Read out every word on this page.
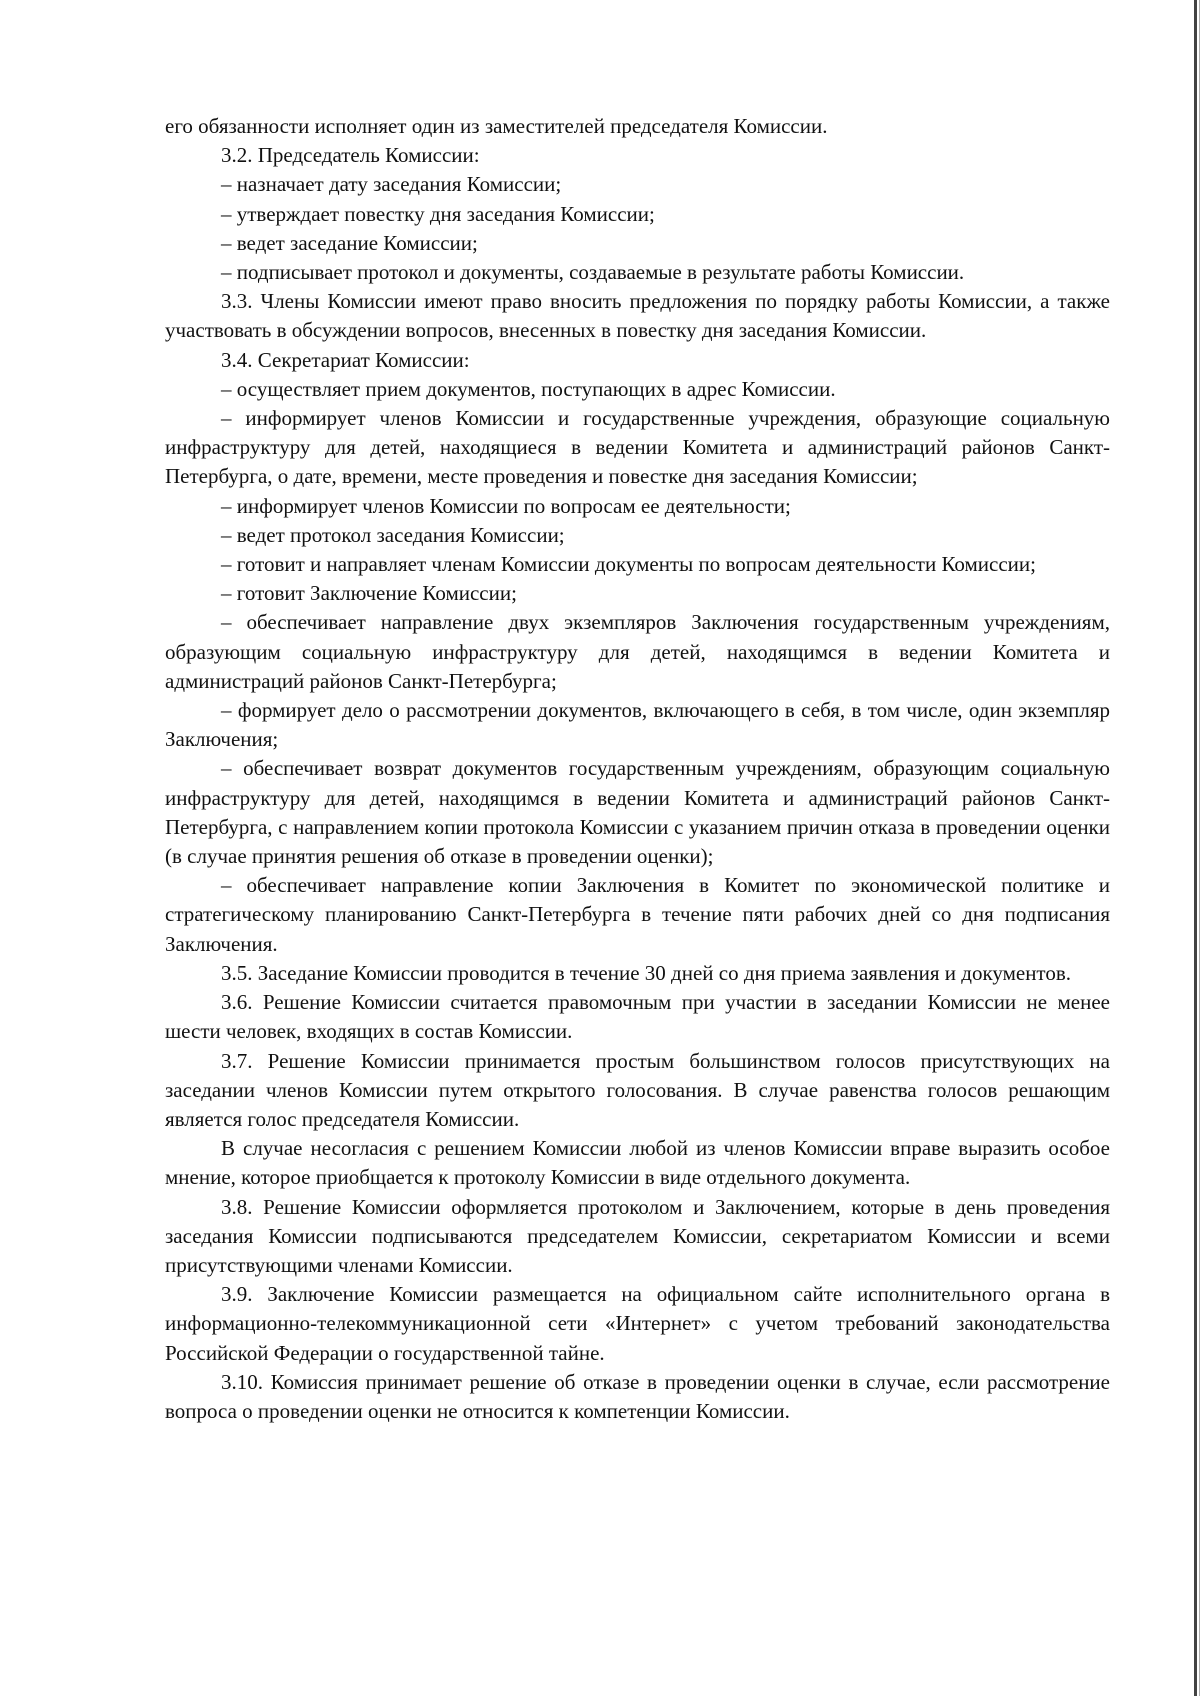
его обязанности исполняет один из заместителей председателя Комиссии.

3.2. Председатель Комиссии:

– назначает дату заседания Комиссии;

– утверждает повестку дня заседания Комиссии;

– ведет заседание Комиссии;

– подписывает протокол и документы, создаваемые в результате работы Комиссии.

3.3. Члены Комиссии имеют право вносить предложения по порядку работы Комиссии, а также участвовать в обсуждении вопросов, внесенных в повестку дня заседания Комиссии.

3.4. Секретариат Комиссии:

– осуществляет прием документов, поступающих в адрес Комиссии.

– информирует членов Комиссии и государственные учреждения, образующие социальную инфраструктуру для детей, находящиеся в ведении Комитета и администраций районов Санкт-Петербурга, о дате, времени, месте проведения и повестке дня заседания Комиссии;

– информирует членов Комиссии по вопросам ее деятельности;

– ведет протокол заседания Комиссии;

– готовит и направляет членам Комиссии документы по вопросам деятельности Комиссии;

– готовит Заключение Комиссии;

– обеспечивает направление двух экземпляров Заключения государственным учреждениям, образующим социальную инфраструктуру для детей, находящимся в ведении Комитета и администраций районов Санкт-Петербурга;

– формирует дело о рассмотрении документов, включающего в себя, в том числе, один экземпляр Заключения;

– обеспечивает возврат документов государственным учреждениям, образующим социальную инфраструктуру для детей, находящимся в ведении Комитета и администраций районов Санкт-Петербурга, с направлением копии протокола Комиссии с указанием причин отказа в проведении оценки (в случае принятия решения об отказе в проведении оценки);

– обеспечивает направление копии Заключения в Комитет по экономической политике и стратегическому планированию Санкт-Петербурга в течение пяти рабочих дней со дня подписания Заключения.

3.5. Заседание Комиссии проводится в течение 30 дней со дня приема заявления и документов.

3.6. Решение Комиссии считается правомочным при участии в заседании Комиссии не менее шести человек, входящих в состав Комиссии.

3.7. Решение Комиссии принимается простым большинством голосов присутствующих на заседании членов Комиссии путем открытого голосования. В случае равенства голосов решающим является голос председателя Комиссии.

В случае несогласия с решением Комиссии любой из членов Комиссии вправе выразить особое мнение, которое приобщается к протоколу Комиссии в виде отдельного документа.

3.8. Решение Комиссии оформляется протоколом и Заключением, которые в день проведения заседания Комиссии подписываются председателем Комиссии, секретариатом Комиссии и всеми присутствующими членами Комиссии.

3.9. Заключение Комиссии размещается на официальном сайте исполнительного органа в информационно-телекоммуникационной сети «Интернет» с учетом требований законодательства Российской Федерации о государственной тайне.

3.10. Комиссия принимает решение об отказе в проведении оценки в случае, если рассмотрение вопроса о проведении оценки не относится к компетенции Комиссии.
